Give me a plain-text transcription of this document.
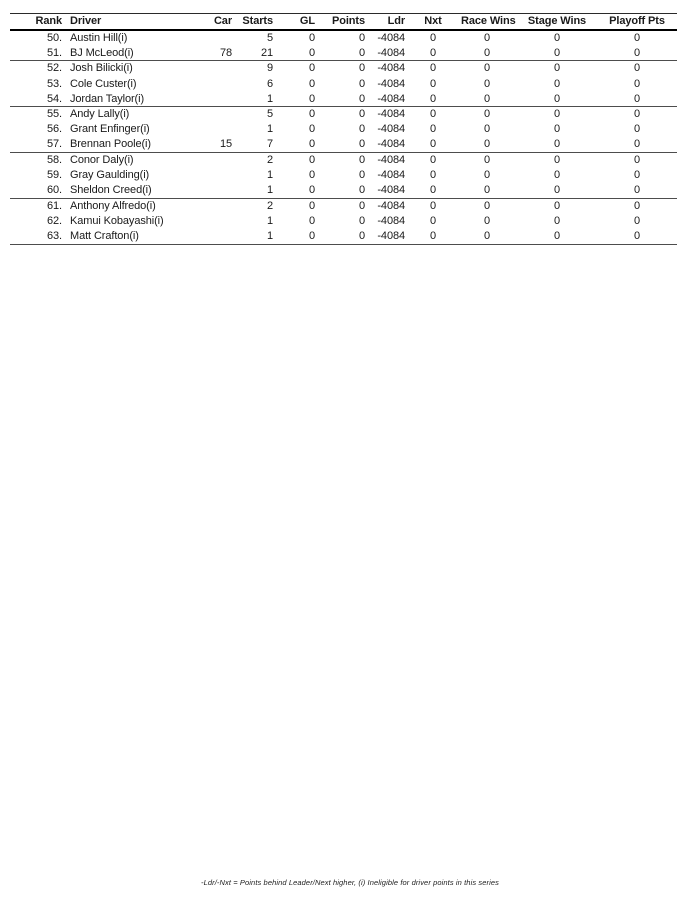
Rank	Driver	Car	Starts	GL	Points	Ldr	Nxt	Race Wins	Stage Wins	Playoff Pts
50.	Austin Hill(i)		5	0	0	-4084	0	0	0	0
51.	BJ McLeod(i)	78	21	0	0	-4084	0	0	0	0
52.	Josh Bilicki(i)		9	0	0	-4084	0	0	0	0
53.	Cole Custer(i)		6	0	0	-4084	0	0	0	0
54.	Jordan Taylor(i)		1	0	0	-4084	0	0	0	0
55.	Andy Lally(i)		5	0	0	-4084	0	0	0	0
56.	Grant Enfinger(i)		1	0	0	-4084	0	0	0	0
57.	Brennan Poole(i)	15	7	0	0	-4084	0	0	0	0
58.	Conor Daly(i)		2	0	0	-4084	0	0	0	0
59.	Gray Gaulding(i)		1	0	0	-4084	0	0	0	0
60.	Sheldon Creed(i)		1	0	0	-4084	0	0	0	0
61.	Anthony Alfredo(i)		2	0	0	-4084	0	0	0	0
62.	Kamui Kobayashi(i)		1	0	0	-4084	0	0	0	0
63.	Matt Crafton(i)		1	0	0	-4084	0	0	0	0
-Ldr/-Nxt = Points behind Leader/Next higher, (i) Ineligible for driver points in this series
